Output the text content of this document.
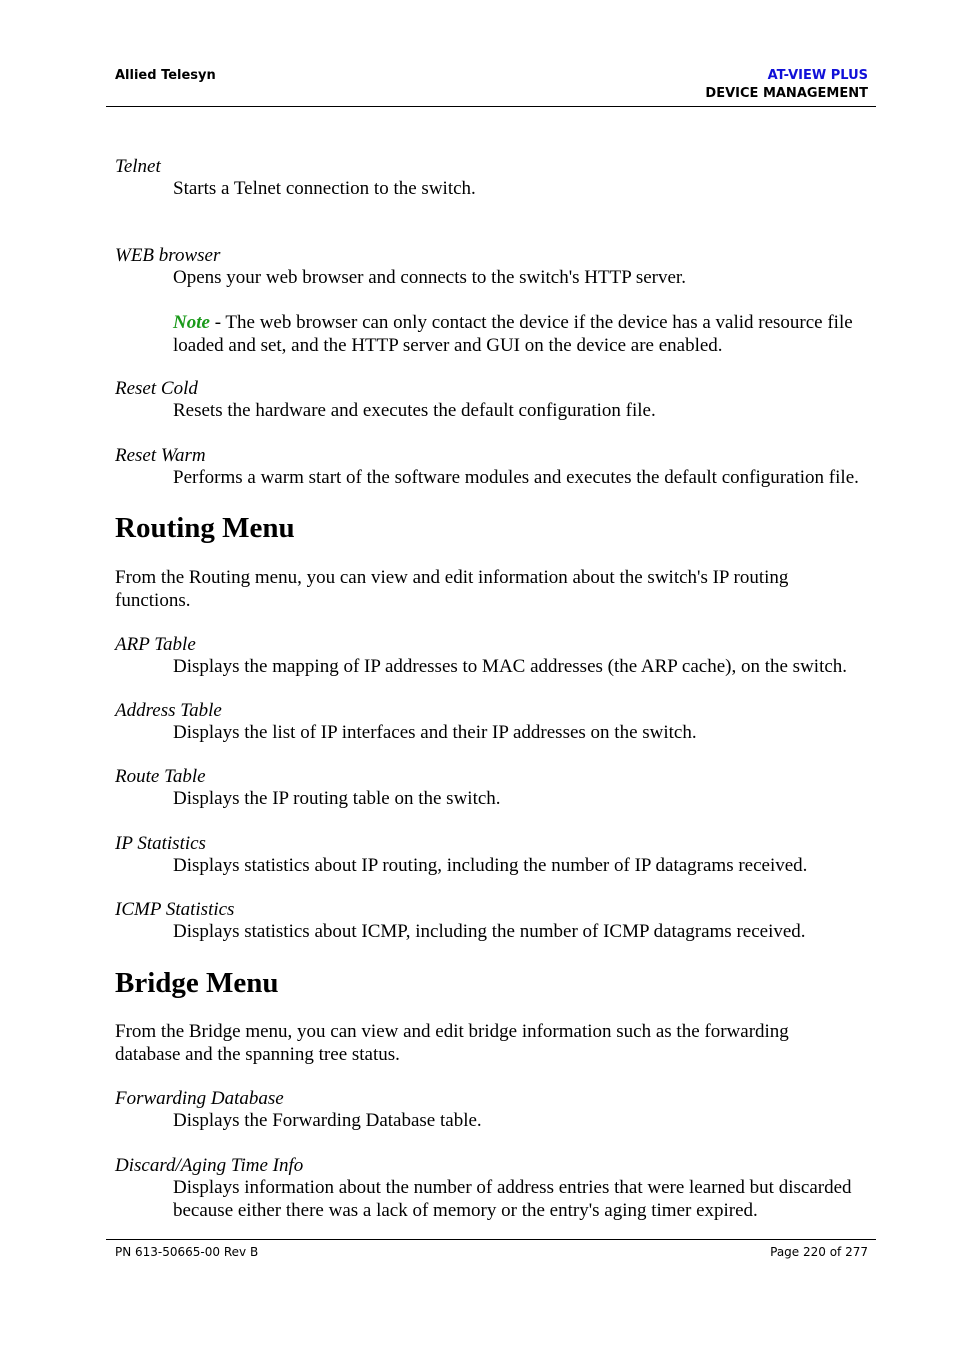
Allied Telesyn	AT-VIEW PLUS
DEVICE MANAGEMENT
Telnet
Starts a Telnet connection to the switch.
WEB browser
Opens your web browser and connects to the switch's HTTP server.
Note - The web browser can only contact the device if the device has a valid resource file loaded and set, and the HTTP server and GUI on the device are enabled.
Reset Cold
Resets the hardware and executes the default configuration file.
Reset Warm
Performs a warm start of the software modules and executes the default configuration file.
Routing Menu
From the Routing menu, you can view and edit information about the switch's IP routing functions.
ARP Table
Displays the mapping of IP addresses to MAC addresses (the ARP cache), on the switch.
Address Table
Displays the list of IP interfaces and their IP addresses on the switch.
Route Table
Displays the IP routing table on the switch.
IP Statistics
Displays statistics about IP routing, including the number of IP datagrams received.
ICMP Statistics
Displays statistics about ICMP, including the number of ICMP datagrams received.
Bridge Menu
From the Bridge menu, you can view and edit bridge information such as the forwarding database and the spanning tree status.
Forwarding Database
Displays the Forwarding Database table.
Discard/Aging Time Info
Displays information about the number of address entries that were learned but discarded because either there was a lack of memory or the entry's aging timer expired.
PN 613-50665-00 Rev B	Page 220 of 277
